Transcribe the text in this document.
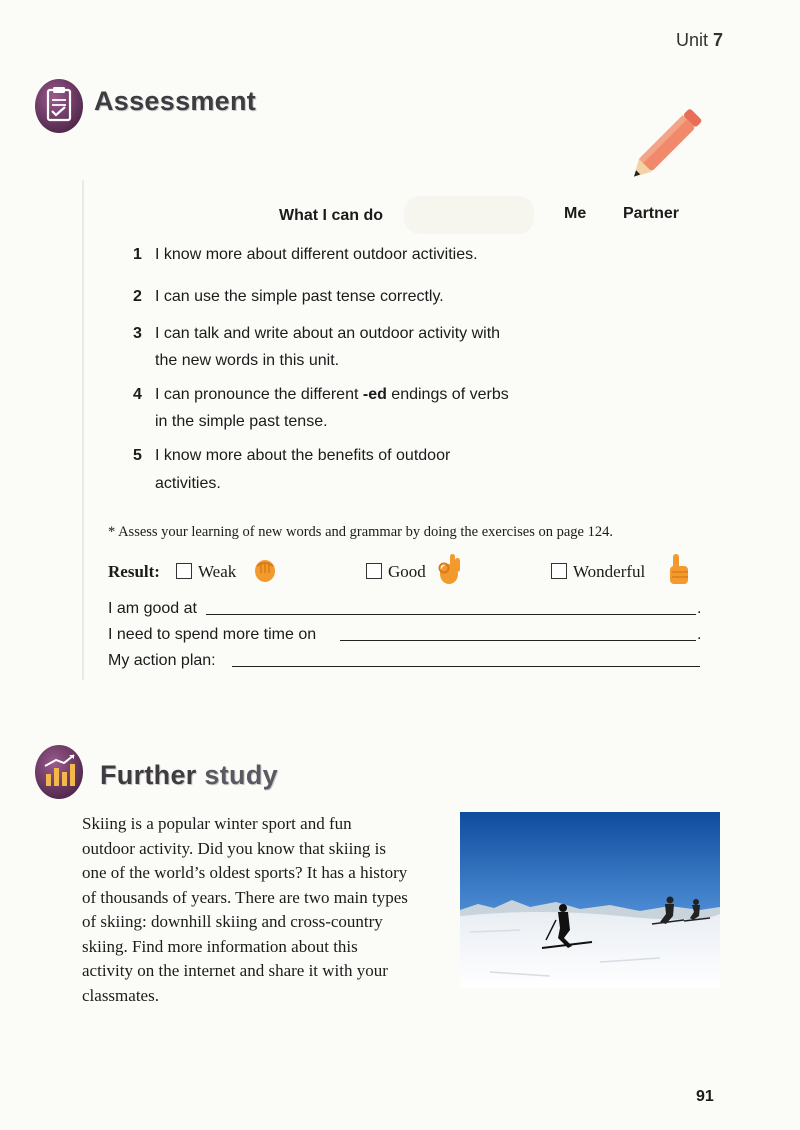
Unit 7
Assessment
What I can do	Me Partner
1 I know more about different outdoor activities.
2 I can use the simple past tense correctly.
3 I can talk and write about an outdoor activity with
the new words in this unit.
4 I can pronounce the different -ed endings of verbs
in the simple past tense.
5 I know more about the benefits of outdoor
activities.
* Assess your learning of new words and grammar by doing the exercises on page 124.
Result:	Weak	Good	Wonderful
I am good at	.
I need to spend more time on	.
My action plan:
Further study
Skiing is a popular winter sport and fun
outdoor activity. Did you know that skiing is
one of the world’s oldest sports? It has a history
of thousands of years. There are two main types
of skiing: downhill skiing and cross-country
skiing. Find more information about this
activity on the internet and share it with your
classmates.
91
